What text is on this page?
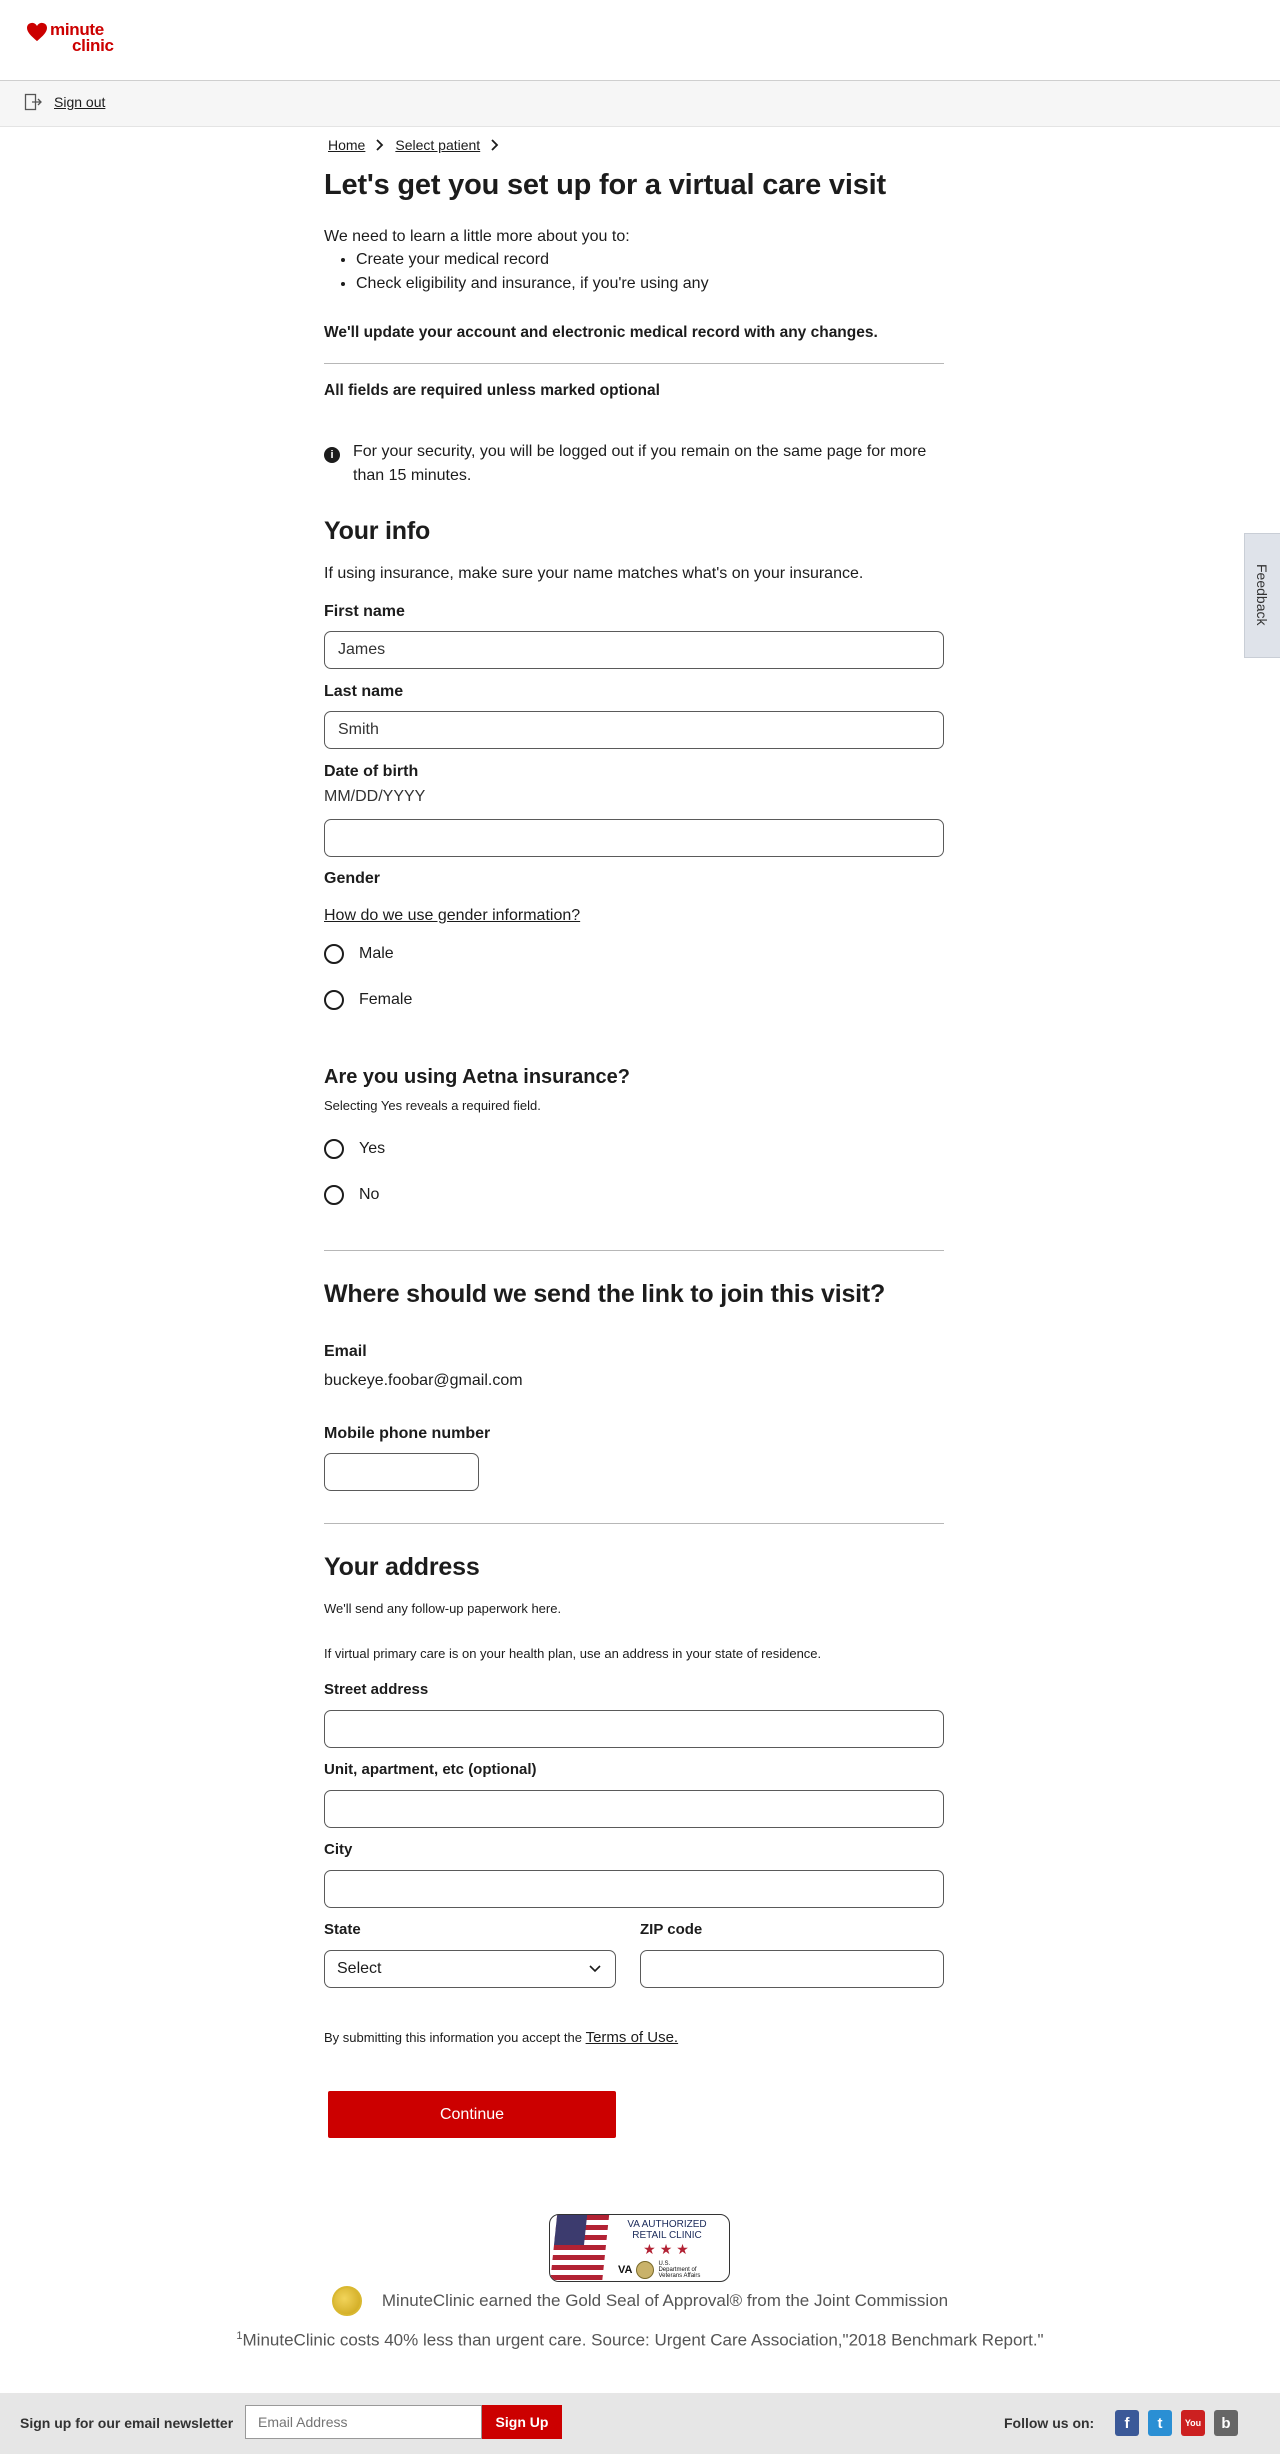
minute
clinic
Sign out
Feedback
Home Select patient
Let's get you set up for a virtual care visit
We need to learn a little more about you to:
• Create your medical record
• Check eligibility and insurance, if you're using any
We'll update your account and electronic medical record with any changes.
All fields are required unless marked optional
i	For your security, you will be logged out if you remain on the same page for more than 15 minutes.
Your info
If using insurance, make sure your name matches what's on your insurance.
First name
James
Last name
Smith
Date of birth
MM/DD/YYYY
Gender
How do we use gender information?
Male
Female
Are you using Aetna insurance?
Selecting Yes reveals a required field.
Yes
No
Where should we send the link to join this visit?
Email
buckeye.foobar@gmail.com
Mobile phone number
Your address
We'll send any follow-up paperwork here.
If virtual primary care is on your health plan, use an address in your state of residence.
Street address
Unit, apartment, etc (optional)
City
State
Select
ZIP code
By submitting this information you accept the Terms of Use.
Continue
VA AUTHORIZED
RETAIL CLINIC
★★★
VA	U.S. Department of Veterans Affairs
MinuteClinic earned the Gold Seal of Approval® from the Joint Commission
$^1$MinuteClinic costs 40% less than urgent care. Source: Urgent Care Association,"2018 Benchmark Report."
Sign up for our email newsletter
Email Address	Sign Up	Follow us on:	f	t	You	b
